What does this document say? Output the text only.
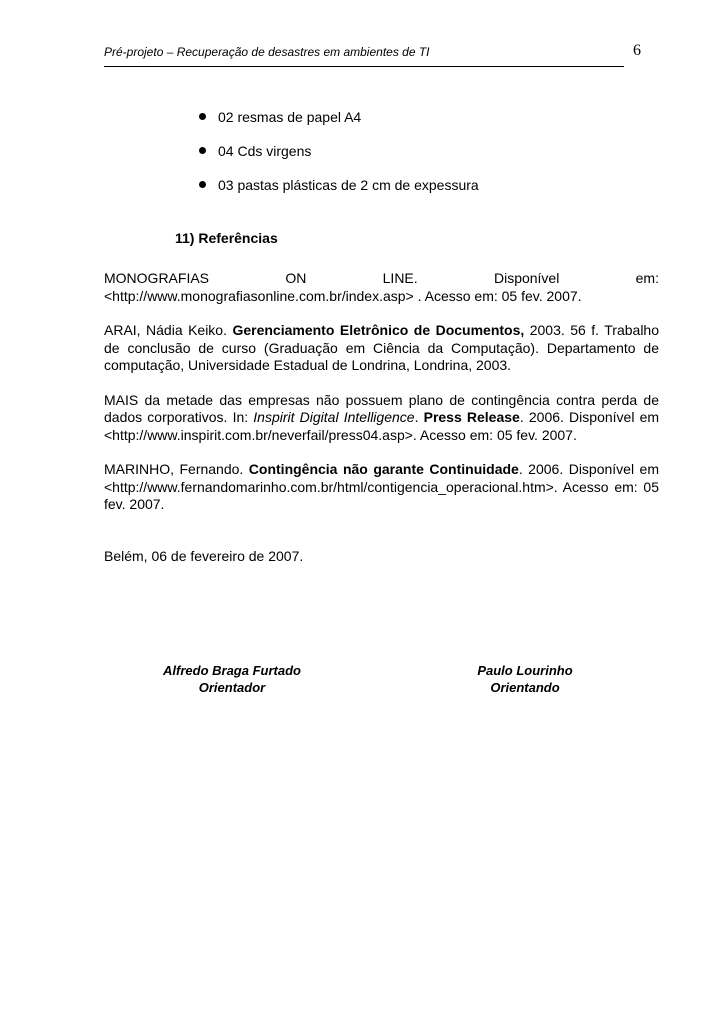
Pré-projeto – Recuperação de desastres em ambientes de TI	6
02 resmas de papel A4
04 Cds virgens
03 pastas plásticas de 2 cm de expessura
11) Referências

MONOGRAFIAS ON LINE. Disponível em: <http://www.monografiasonline.com.br/index.asp> . Acesso em: 05 fev. 2007.

ARAI, Nádia Keiko. Gerenciamento Eletrônico de Documentos, 2003. 56 f. Trabalho de conclusão de curso (Graduação em Ciência da Computação). Departamento de computação, Universidade Estadual de Londrina, Londrina, 2003.

MAIS da metade das empresas não possuem plano de contingência contra perda de dados corporativos. In: Inspirit Digital Intelligence. Press Release. 2006. Disponível em <http://www.inspirit.com.br/neverfail/press04.asp>. Acesso em: 05 fev. 2007.

MARINHO, Fernando. Contingência não garante Continuidade. 2006. Disponível em <http://www.fernandomarinho.com.br/html/contigencia_operacional.htm>. Acesso em: 05 fev. 2007.

Belém, 06 de fevereiro de 2007.
Alfredo Braga Furtado
Orientador
Paulo Lourinho
Orientando
